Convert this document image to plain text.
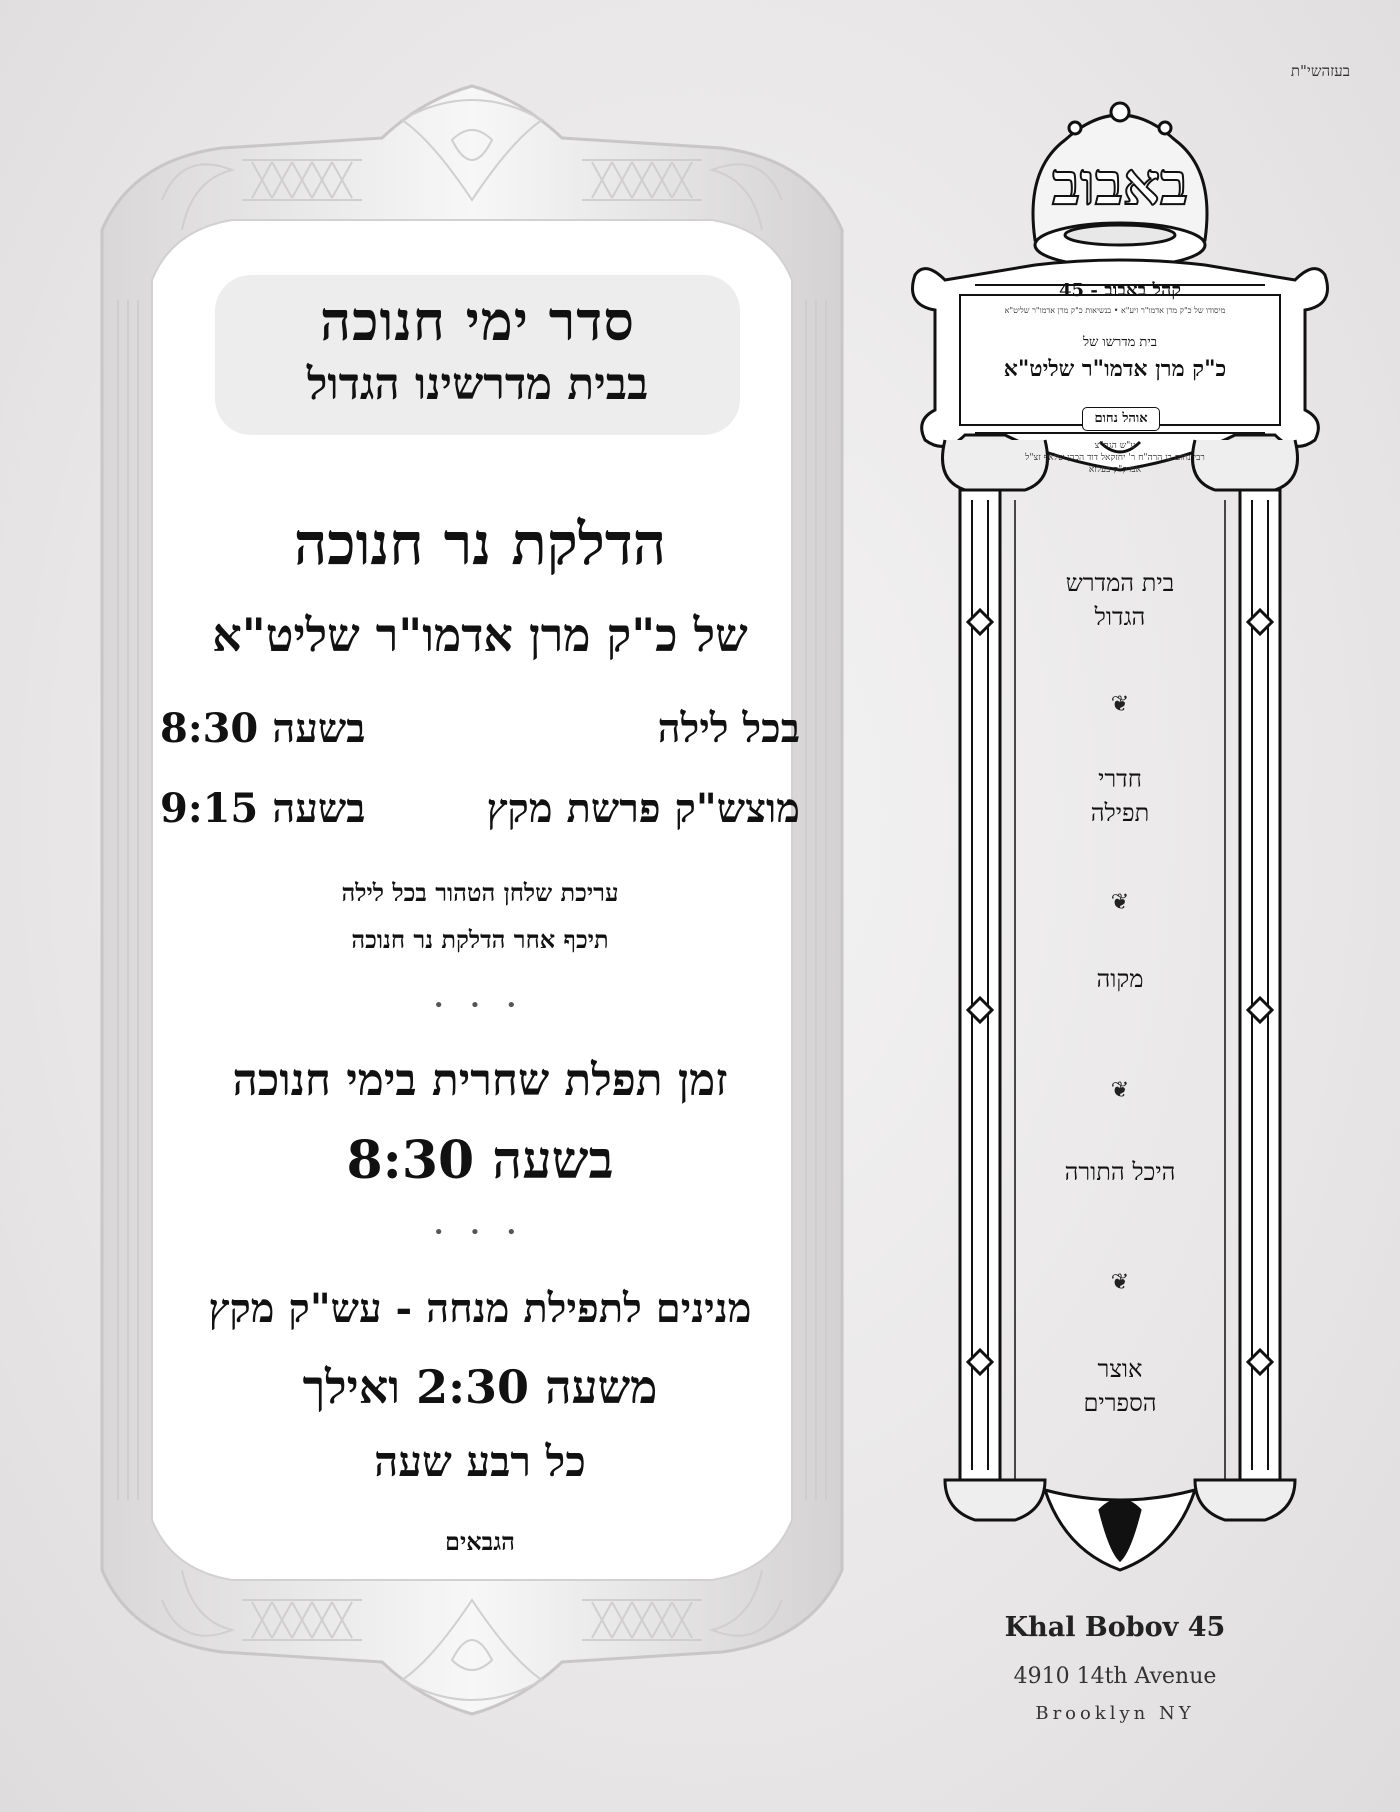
בעזהשי"ת
סדר ימי חנוכה
בבית מדרשינו הגדול
הדלקת נר חנוכה
של כ"ק מרן אדמו"ר שליט"א
בכל לילה
בשעה 8:30
מוצש"ק פרשת מקץ
בשעה 9:15
עריכת שלחן הטהור בכל לילה
תיכף אחר הדלקת נר חנוכה
• • •
זמן תפלת שחרית בימי חנוכה
בשעה 8:30
• • •
מנינים לתפילת מנחה - עש"ק מקץ
משעה 2:30 ואילך
כל רבע שעה
הגבאים
באבוב
קהל באבוב - 45
מיסודו של כ"ק מרן אדמו"ר זיע"א • בנשיאות כ"ק מרן אדמו"ר שליט"א
בית מדרשו של
כ"ק מרן אדמו"ר שליט"א
אוהל נחום
ע"ש הגה"צ
רבי נחום בן הרה"ח ר' יחזקאל דוד הכהן שלאף זצ"ל
אבדק"ק בעלזא
בית המדרש
הגדול
❦
חדרי
תפילה
❦
מקוה
❦
היכל התורה
❦
אוצר
הספרים
Khal Bobov 45
4910 14th Avenue
Brooklyn NY
